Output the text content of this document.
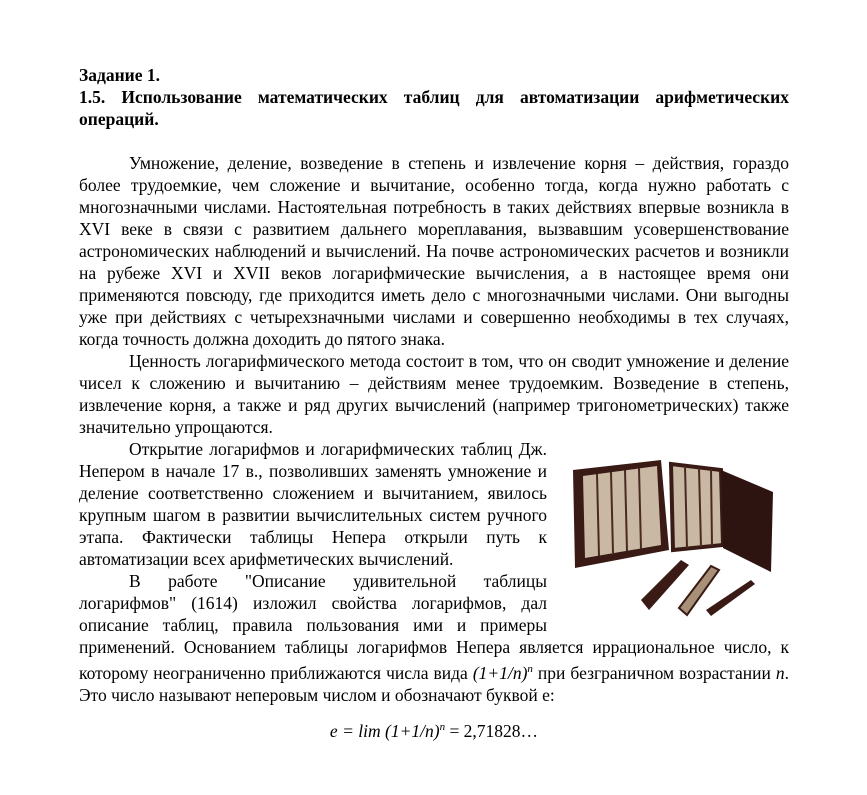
Задание 1.
1.5. Использование математических таблиц для автоматизации арифметических операций.

Умножение, деление, возведение в степень и извлечение корня – действия, гораздо более трудоемкие, чем сложение и вычитание, особенно тогда, когда нужно работать с многозначными числами. Настоятельная потребность в таких действиях впервые возникла в XVI веке в связи с развитием дальнего мореплавания, вызвавшим усовершенствование астрономических наблюдений и вычислений. На почве астрономических расчетов и возникли на рубеже XVI и XVII веков логарифмические вычисления, а в настоящее время они применяются повсюду, где приходится иметь дело с многозначными числами. Они выгодны уже при действиях с четырехзначными числами и совершенно необходимы в тех случаях, когда точность должна доходить до пятого знака.

Ценность логарифмического метода состоит в том, что он сводит умножение и деление чисел к сложению и вычитанию – действиям менее трудоемким. Возведение в степень, извлечение корня, а также и ряд других вычислений (например тригонометрических) также значительно упрощаются.

Открытие логарифмов и логарифмических таблиц Дж. Непером в начале 17 в., позволивших заменять умножение и деление соответственно сложением и вычитанием, явилось крупным шагом в развитии вычислительных систем ручного этапа. Фактически таблицы Непера открыли путь к автоматизации всех арифметических вычислений.

В работе "Описание удивительной таблицы логарифмов" (1614) изложил свойства логарифмов, дал описание таблиц, правила пользования ими и примеры применений. Основанием таблицы логарифмов Непера является иррациональное число, к которому неограниченно приближаются числа вида $(1+1/n)^n$ при безграничном возрастании n. Это число называют неперовым числом и обозначают буквой е:

$e = \lim (1+1/n)^n$ = 2,71828…
